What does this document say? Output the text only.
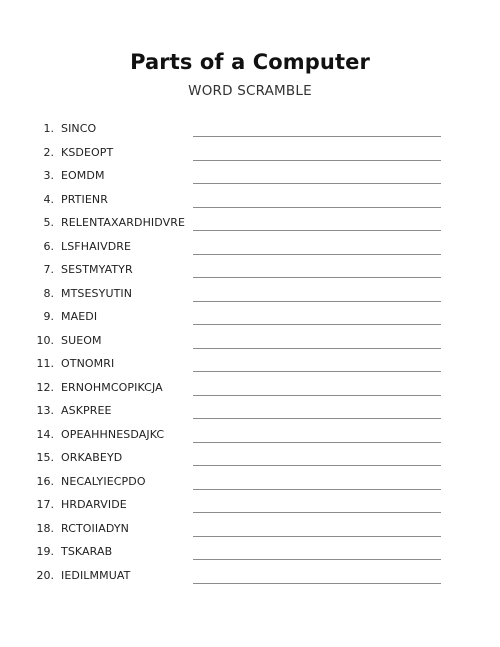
Parts of a Computer
WORD SCRAMBLE
1. SINCO
2. KSDEOPT
3. EOMDM
4. PRTIENR
5. RELENTAXARDHIDVRE
6. LSFHAIVDRE
7. SESTMYATYR
8. MTSESYUTIN
9. MAEDI
10. SUEOM
11. OTNOMRI
12. ERNOHMCOPIKCJA
13. ASKPREE
14. OPEAHHNESDAJKC
15. ORKABEYD
16. NECALYIECPDO
17. HRDARVIDE
18. RCTOIIADYN
19. TSKARAB
20. IEDILMMUAT
